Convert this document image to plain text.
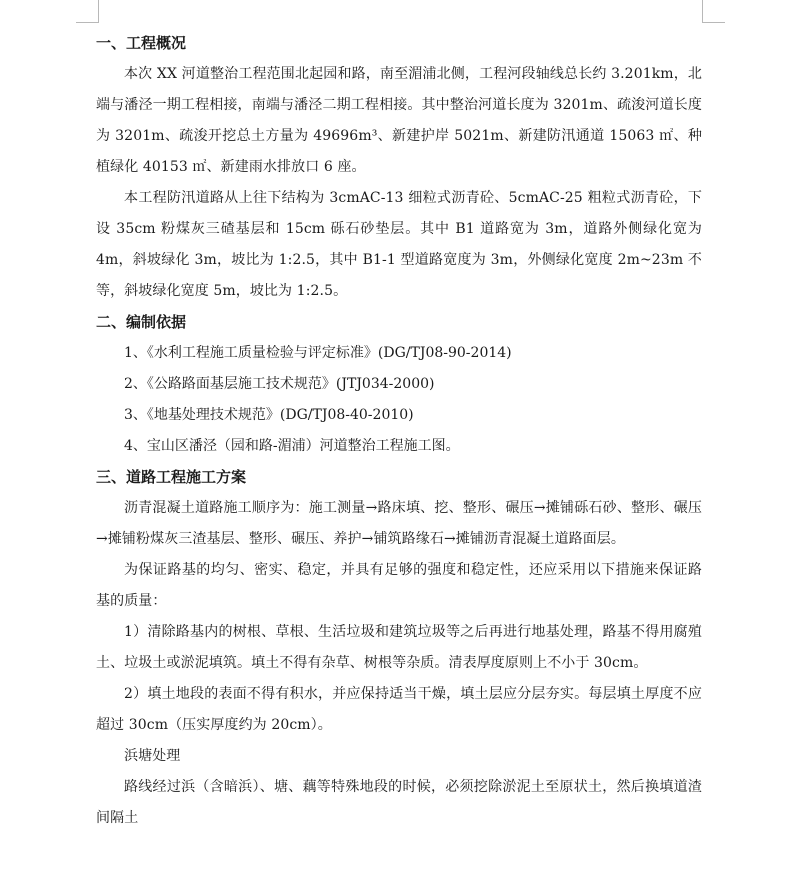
一、工程概况

本次 XX 河道整治工程范围北起园和路，南至湄浦北侧，工程河段轴线总长约 3.201km，北端与潘泾一期工程相接，南端与潘泾二期工程相接。其中整治河道长度为 3201m、疏浚河道长度为 3201m、疏浚开挖总土方量为 49696m³、新建护岸 5021m、新建防汛通道 15063 ㎡、种植绿化 40153 ㎡、新建雨水排放口 6 座。

本工程防汛道路从上往下结构为 3cmAC-13 细粒式沥青砼、5cmAC-25 粗粒式沥青砼，下设 35cm 粉煤灰三碴基层和 15cm 砾石砂垫层。其中 B1 道路宽为 3m，道路外侧绿化宽为 4m，斜坡绿化 3m，坡比为 1:2.5，其中 B1-1 型道路宽度为 3m，外侧绿化宽度 2m~23m 不等，斜坡绿化宽度 5m，坡比为 1:2.5。

二、编制依据
1、《水利工程施工质量检验与评定标准》(DG/TJ08-90-2014)
2、《公路路面基层施工技术规范》(JTJ034-2000)
3、《地基处理技术规范》(DG/TJ08-40-2010)
4、宝山区潘泾（园和路-湄浦）河道整治工程施工图。
三、道路工程施工方案

沥青混凝土道路施工顺序为：施工测量→路床填、挖、整形、碾压→摊铺砾石砂、整形、碾压→摊铺粉煤灰三渣基层、整形、碾压、养护→铺筑路缘石→摊铺沥青混凝土道路面层。

为保证路基的均匀、密实、稳定，并具有足够的强度和稳定性，还应采用以下措施来保证路基的质量：

1）清除路基内的树根、草根、生活垃圾和建筑垃圾等之后再进行地基处理，路基不得用腐殖土、垃圾土或淤泥填筑。填土不得有杂草、树根等杂质。清表厚度原则上不小于 30cm。

2）填土地段的表面不得有积水，并应保持适当干燥，填土层应分层夯实。每层填土厚度不应超过 30cm（压实厚度约为 20cm）。

浜塘处理

路线经过浜（含暗浜）、塘、藕等特殊地段的时候，必须挖除淤泥土至原状土，然后换填道渣间隔土
